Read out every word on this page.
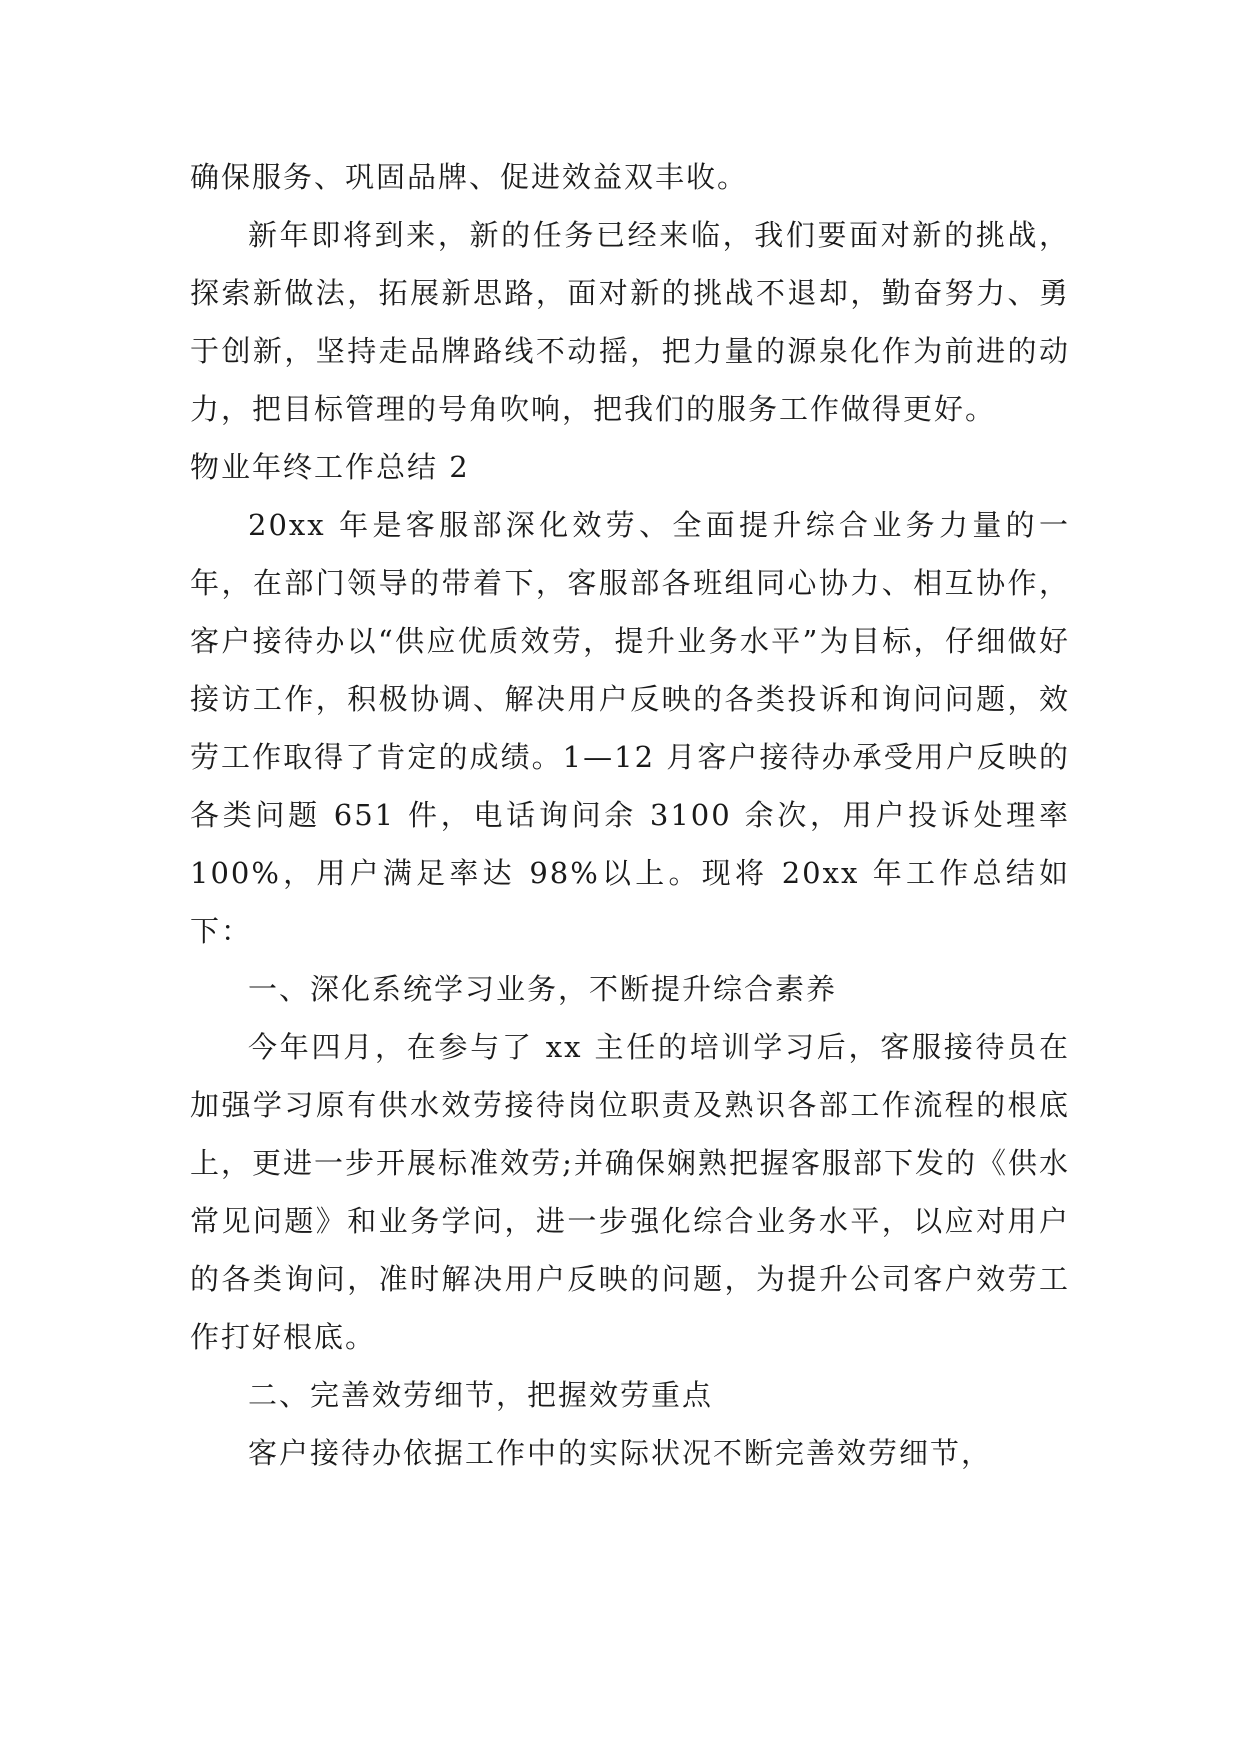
确保服务、巩固品牌、促进效益双丰收。

新年即将到来，新的任务已经来临，我们要面对新的挑战，探索新做法，拓展新思路，面对新的挑战不退却，勤奋努力、勇于创新，坚持走品牌路线不动摇，把力量的源泉化作为前进的动力，把目标管理的号角吹响，把我们的服务工作做得更好。

物业年终工作总结 2

20xx 年是客服部深化效劳、全面提升综合业务力量的一年，在部门领导的带着下，客服部各班组同心协力、相互协作，客户接待办以“供应优质效劳，提升业务水平”为目标，仔细做好接访工作，积极协调、解决用户反映的各类投诉和询问问题，效劳工作取得了肯定的成绩。1—12 月客户接待办承受用户反映的各类问题 651 件，电话询问余 3100 余次，用户投诉处理率 100%，用户满足率达 98%以上。现将 20xx 年工作总结如下：

一、深化系统学习业务，不断提升综合素养

今年四月，在参与了 xx 主任的培训学习后，客服接待员在加强学习原有供水效劳接待岗位职责及熟识各部工作流程的根底上，更进一步开展标准效劳;并确保娴熟把握客服部下发的《供水常见问题》和业务学问，进一步强化综合业务水平，以应对用户的各类询问，准时解决用户反映的问题，为提升公司客户效劳工作打好根底。

二、完善效劳细节，把握效劳重点

客户接待办依据工作中的实际状况不断完善效劳细节，
